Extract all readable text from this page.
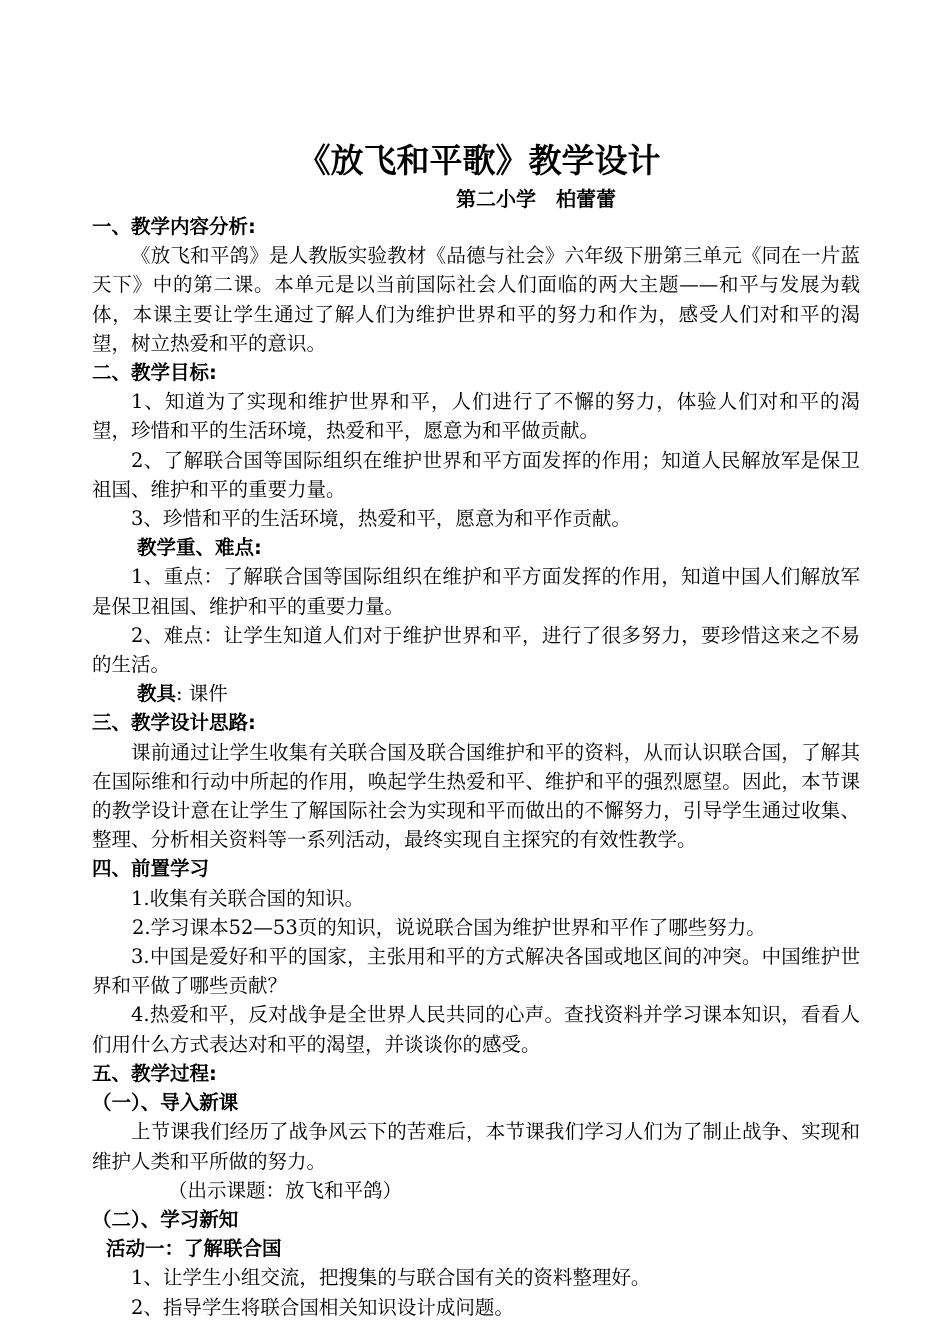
《放飞和平歌》教学设计
第二小学　柏蕾蕾
一、教学内容分析:
《放飞和平鸽》是人教版实验教材《品德与社会》六年级下册第三单元《同在一片蓝天下》中的第二课。本单元是以当前国际社会人们面临的两大主题——和平与发展为载体，本课主要让学生通过了解人们为维护世界和平的努力和作为，感受人们对和平的渴望，树立热爱和平的意识。
二、教学目标:
1、知道为了实现和维护世界和平，人们进行了不懈的努力，体验人们对和平的渴望，珍惜和平的生活环境，热爱和平，愿意为和平做贡献。
2、了解联合国等国际组织在维护世界和平方面发挥的作用；知道人民解放军是保卫祖国、维护和平的重要力量。
3、珍惜和平的生活环境，热爱和平，愿意为和平作贡献。
教学重、难点:
1、重点：了解联合国等国际组织在维护和平方面发挥的作用，知道中国人们解放军是保卫祖国、维护和平的重要力量。
2、难点：让学生知道人们对于维护世界和平，进行了很多努力，要珍惜这来之不易的生活。
教具: 课件
三、教学设计思路:
课前通过让学生收集有关联合国及联合国维护和平的资料，从而认识联合国，了解其在国际维和行动中所起的作用，唤起学生热爱和平、维护和平的强烈愿望。因此，本节课的教学设计意在让学生了解国际社会为实现和平而做出的不懈努力，引导学生通过收集、整理、分析相关资料等一系列活动，最终实现自主探究的有效性教学。
四、前置学习
1.收集有关联合国的知识。
2.学习课本52—53页的知识，说说联合国为维护世界和平作了哪些努力。
3.中国是爱好和平的国家，主张用和平的方式解决各国或地区间的冲突。中国维护世界和平做了哪些贡献？
4.热爱和平，反对战争是全世界人民共同的心声。查找资料并学习课本知识，看看人们用什么方式表达对和平的渴望，并谈谈你的感受。
五、教学过程:
（一）、导入新课
上节课我们经历了战争风云下的苦难后，本节课我们学习人们为了制止战争、实现和维护人类和平所做的努力。
（出示课题：放飞和平鸽）
（二）、学习新知
活动一：了解联合国
1、让学生小组交流，把搜集的与联合国有关的资料整理好。
2、指导学生将联合国相关知识设计成问题。
